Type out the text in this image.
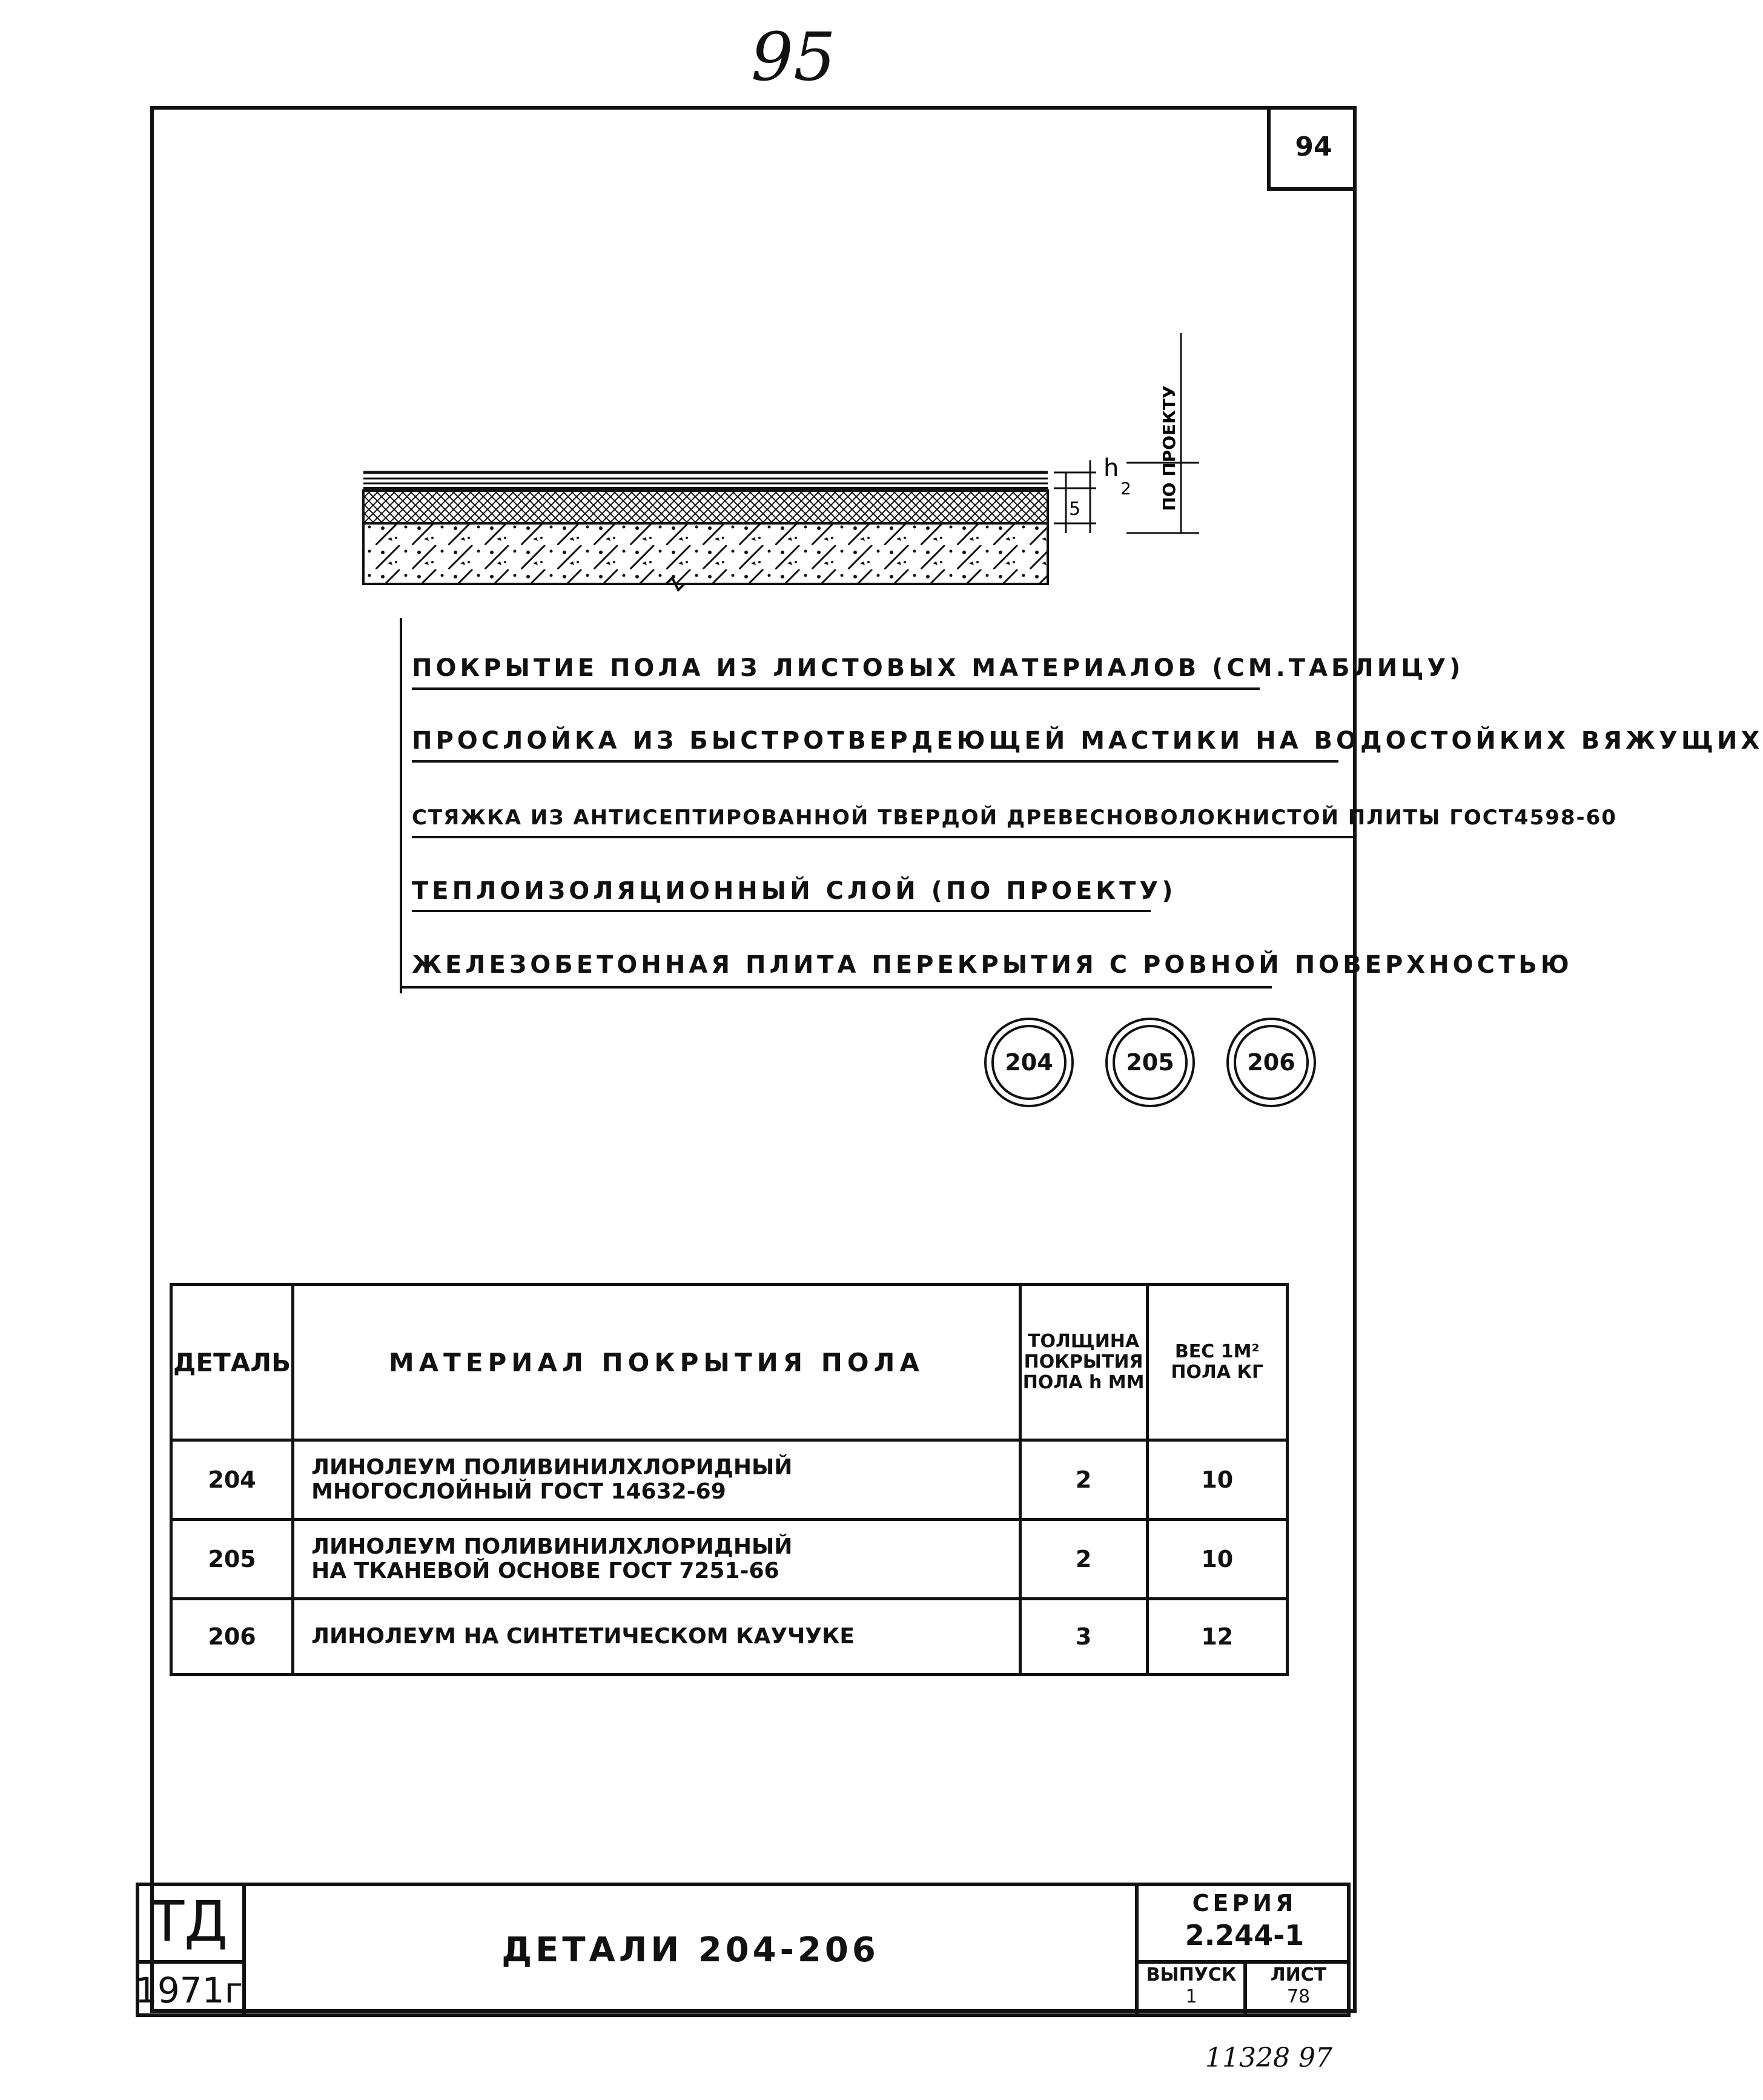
95
94
h
2
5	ПО ПРОЕКТУ
ПОКРЫТИЕ ПОЛА ИЗ ЛИСТОВЫХ МАТЕРИАЛОВ (СМ.ТАБЛИЦУ)
ПРОСЛОЙКА ИЗ БЫСТРОТВЕРДЕЮЩЕЙ МАСТИКИ НА ВОДОСТОЙКИХ ВЯЖУЩИХ
СТЯЖКА ИЗ АНТИСЕПТИРОВАННОЙ ТВЕРДОЙ ДРЕВЕСНОВОЛОКНИСТОЙ ПЛИТЫ ГОСТ4598-60
ТЕПЛОИЗОЛЯЦИОННЫЙ СЛОЙ (ПО ПРОЕКТУ)
ЖЕЛЕЗОБЕТОННАЯ ПЛИТА ПЕРЕКРЫТИЯ С РОВНОЙ ПОВЕРХНОСТЬЮ
204	205	206
ДЕТАЛЬ	МАТЕРИАЛ ПОКРЫТИЯ ПОЛА	ТОЛЩИНА ПОКРЫТИЯ ПОЛА h ММ	ВЕС 1М² ПОЛА КГ
204	ЛИНОЛЕУМ ПОЛИВИНИЛХЛОРИДНЫЙ
МНОГОСЛОЙНЫЙ ГОСТ 14632-69	2	10
205	ЛИНОЛЕУМ ПОЛИВИНИЛХЛОРИДНЫЙ
НА ТКАНЕВОЙ ОСНОВЕ ГОСТ 7251-66	2	10
206	ЛИНОЛЕУМ НА СИНТЕТИЧЕСКОМ КАУЧУКЕ	3	12
ТД
1971г
ДЕТАЛИ 204-206
СЕРИЯ
2.244-1
ВЫПУСК
1
ЛИСТ
78
11328 97
